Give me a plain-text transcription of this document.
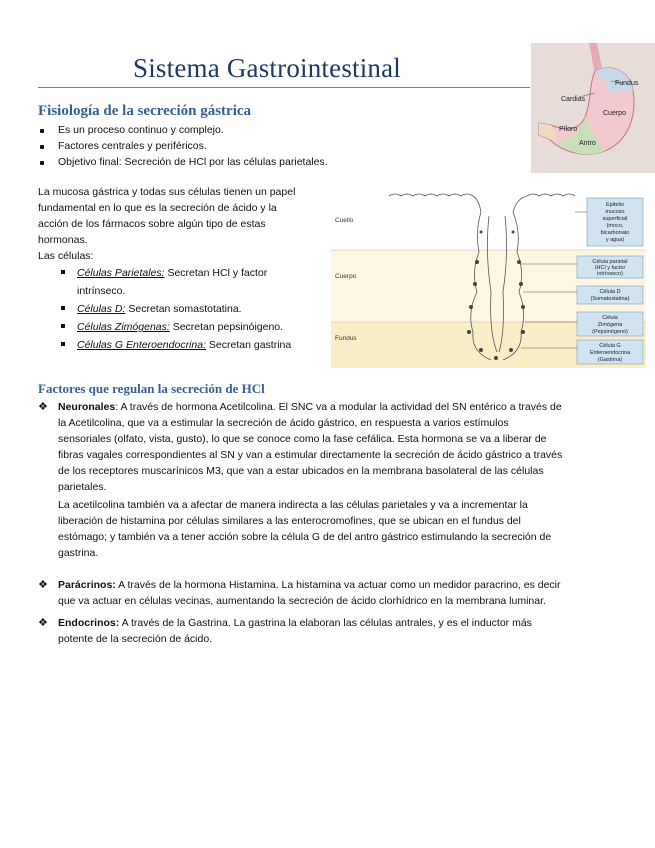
Sistema Gastrointestinal
Fundus
Cardias
Cuerpo
Píloro
Antro
Fisiología de la secreción gástrica
Es un proceso continuo y complejo.
Factores centrales y periféricos.
Objetivo final: Secreción de HCl por las células parietales.
La mucosa gástrica y todas sus células tienen un papel
fundamental en lo que es la secreción de ácido y la
acción de los fármacos sobre algún tipo de estas
hormonas.
Las células:
Células Parietales: Secretan HCl y factor
intrínseco.
Células D: Secretan somastotatina.
Células Zimógenas: Secretan pepsinóigeno.
Células G Enteroendocrina: Secretan gastrina
Cuello
Cuerpo
Fundus
Epitelio
mucoso
superficial
(moco,
bicarbonato
y agua)
Célula parietal
(HCl y factor
intrínseco)
Célula D
(Somatostatina)
Célula
Zimógena
(Pepsinógeno)
Célula G
Enteroendocrina
(Gastrina)
Factores que regulan la secreción de HCl
❖ Neuronales: A través de hormona Acetilcolina. El SNC va a modular la actividad del SN entérico a través de
la Acetilcolina, que va a estimular la secreción de ácido gástrico, en respuesta a varios estímulos
sensoriales (olfato, vista, gusto), lo que se conoce como la fase cefálica. Esta hormona se va a liberar de
fibras vagales correspondientes al SN y van a estimular directamente la secreción de ácido gástrico a través
de los receptores muscarínicos M3, que van a estar ubicados en la membrana basolateral de las células
parietales.
La acetilcolina también va a afectar de manera indirecta a las células parietales y va a incrementar la
liberación de histamina por células similares a las enterocromofines, que se ubican en el fundus del
estómago; y también va a tener acción sobre la célula G de del antro gástrico estimulando la secreción de
gastrina.
❖ Parácrinos: A través de la hormona Histamina. La histamina va actuar como un medidor paracrino, es decir
que va actuar en células vecinas, aumentando la secreción de ácido clorhídrico en la membrana luminar.
❖ Endocrinos: A través de la Gastrina. La gastrina la elaboran las células antrales, y es el inductor más
potente de la secreción de ácido.
